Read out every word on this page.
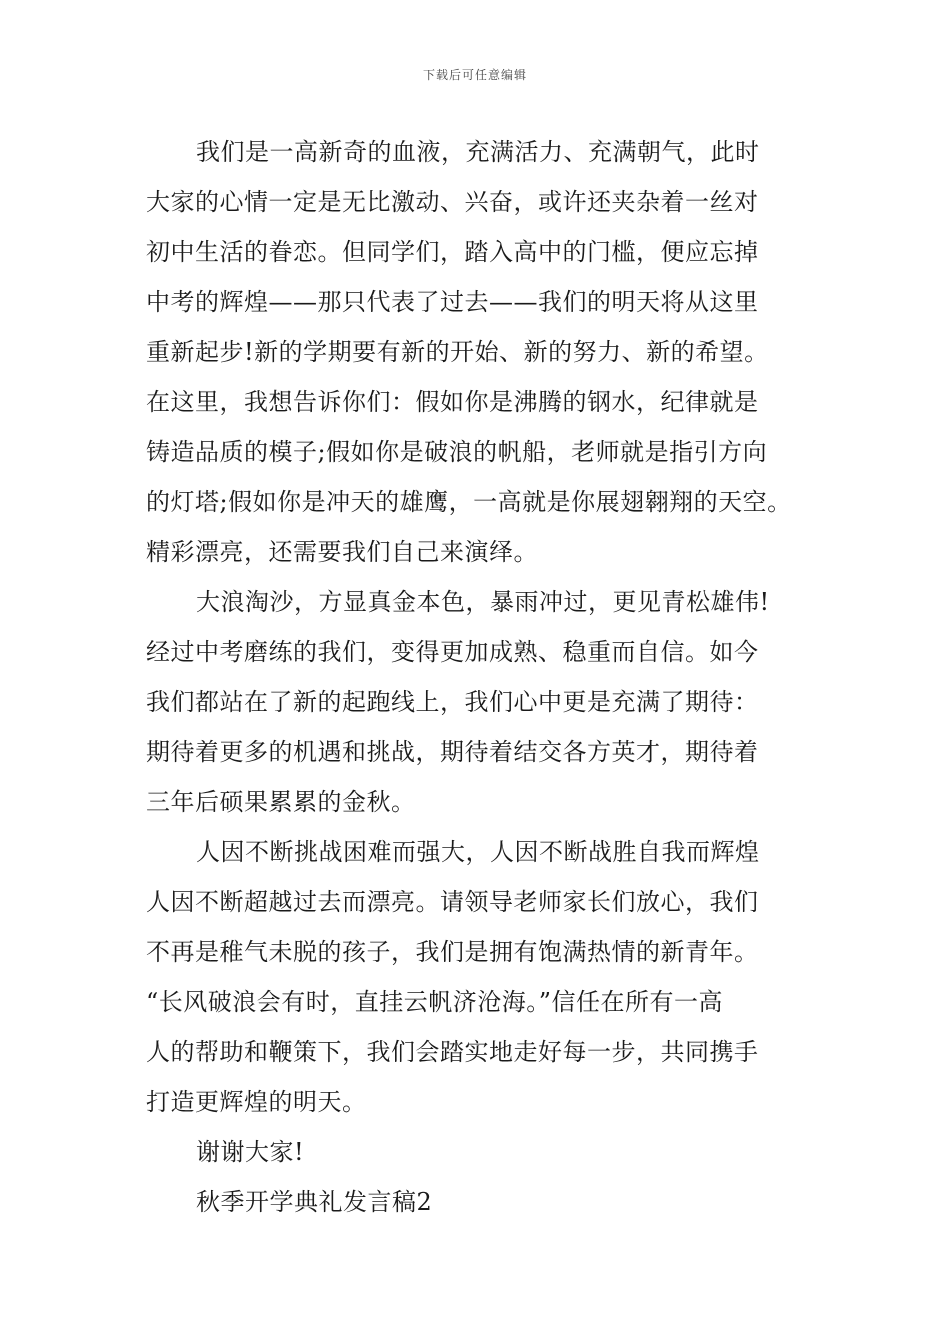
下载后可任意编辑
我们是一高新奇的血液，充满活力、充满朝气，此时
大家的心情一定是无比激动、兴奋，或许还夹杂着一丝对
初中生活的眷恋。但同学们，踏入高中的门槛，便应忘掉
中考的辉煌——那只代表了过去——我们的明天将从这里
重新起步!新的学期要有新的开始、新的努力、新的希望。
在这里，我想告诉你们：假如你是沸腾的钢水，纪律就是
铸造品质的模子;假如你是破浪的帆船，老师就是指引方向
的灯塔;假如你是冲天的雄鹰，一高就是你展翅翱翔的天空。
精彩漂亮，还需要我们自己来演绎。
大浪淘沙，方显真金本色，暴雨冲过，更见青松雄伟!
经过中考磨练的我们，变得更加成熟、稳重而自信。如今
我们都站在了新的起跑线上，我们心中更是充满了期待：
期待着更多的机遇和挑战，期待着结交各方英才，期待着
三年后硕果累累的金秋。
人因不断挑战困难而强大，人因不断战胜自我而辉煌
人因不断超越过去而漂亮。请领导老师家长们放心，我们
不再是稚气未脱的孩子，我们是拥有饱满热情的新青年。
“长风破浪会有时，直挂云帆济沧海。”信任在所有一高
人的帮助和鞭策下，我们会踏实地走好每一步，共同携手
打造更辉煌的明天。
谢谢大家!
秋季开学典礼发言稿2
